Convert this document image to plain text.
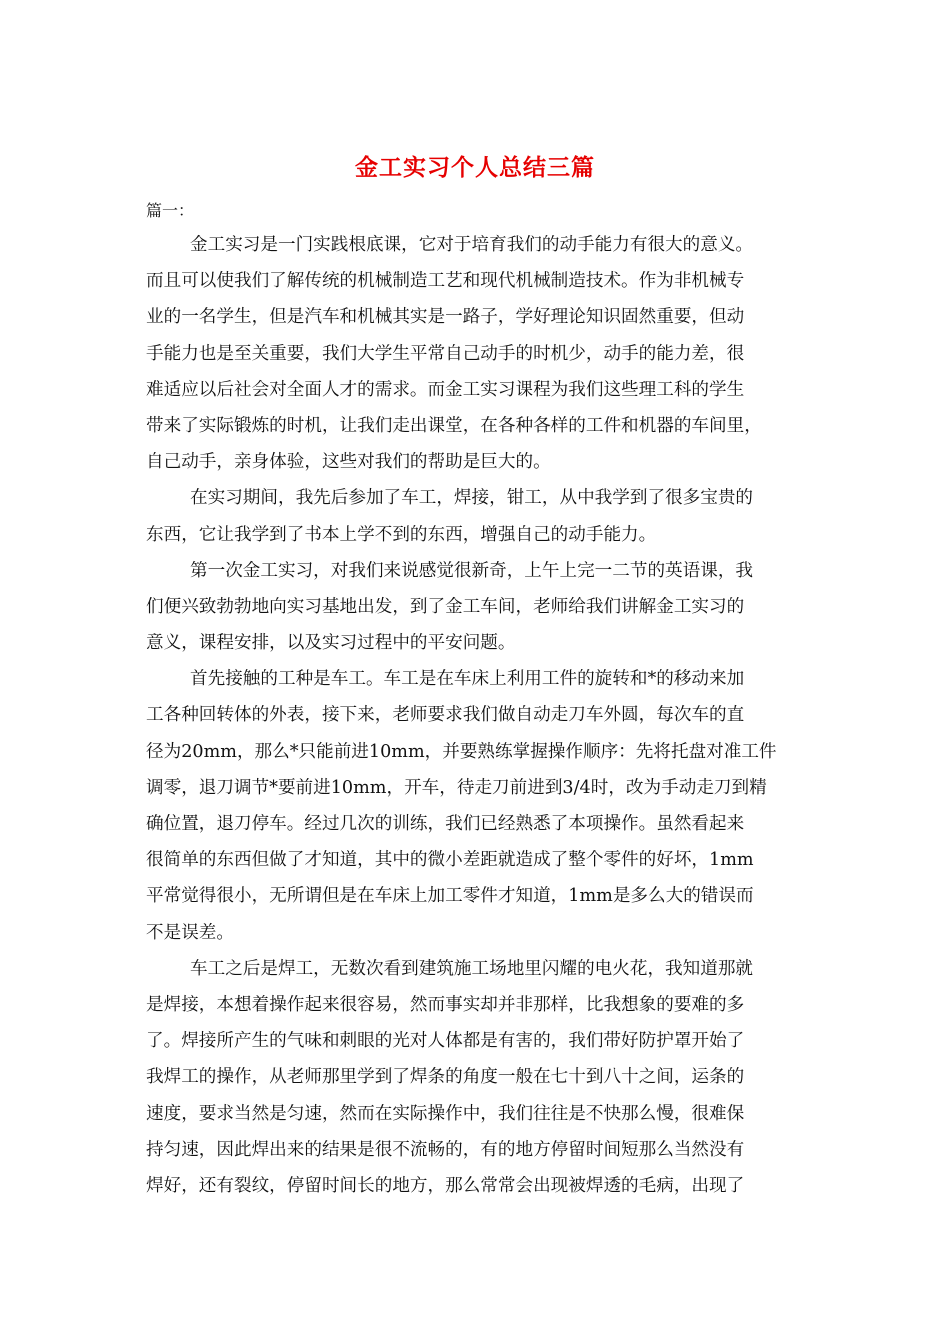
金工实习个人总结三篇
篇一：
金工实习是一门实践根底课，它对于培育我们的动手能力有很大的意义。
而且可以使我们了解传统的机械制造工艺和现代机械制造技术。作为非机械专
业的一名学生，但是汽车和机械其实是一路子，学好理论知识固然重要，但动
手能力也是至关重要，我们大学生平常自己动手的时机少，动手的能力差，很
难适应以后社会对全面人才的需求。而金工实习课程为我们这些理工科的学生
带来了实际锻炼的时机，让我们走出课堂，在各种各样的工件和机器的车间里，
自己动手，亲身体验，这些对我们的帮助是巨大的。
在实习期间，我先后参加了车工，焊接，钳工，从中我学到了很多宝贵的
东西，它让我学到了书本上学不到的东西，增强自己的动手能力。
第一次金工实习，对我们来说感觉很新奇，上午上完一二节的英语课，我
们便兴致勃勃地向实习基地出发，到了金工车间，老师给我们讲解金工实习的
意义，课程安排，以及实习过程中的平安问题。
首先接触的工种是车工。车工是在车床上利用工件的旋转和*的移动来加
工各种回转体的外表，接下来，老师要求我们做自动走刀车外圆，每次车的直
径为20mm，那么*只能前进10mm，并要熟练掌握操作顺序：先将托盘对准工件
调零，退刀调节*要前进10mm，开车，待走刀前进到3/4时，改为手动走刀到精
确位置，退刀停车。经过几次的训练，我们已经熟悉了本项操作。虽然看起来
很简单的东西但做了才知道，其中的微小差距就造成了整个零件的好坏，1mm
平常觉得很小，无所谓但是在车床上加工零件才知道，1mm是多么大的错误而
不是误差。
车工之后是焊工，无数次看到建筑施工场地里闪耀的电火花，我知道那就
是焊接，本想着操作起来很容易，然而事实却并非那样，比我想象的要难的多
了。焊接所产生的气味和刺眼的光对人体都是有害的，我们带好防护罩开始了
我焊工的操作，从老师那里学到了焊条的角度一般在七十到八十之间，运条的
速度，要求当然是匀速，然而在实际操作中，我们往往是不快那么慢，很难保
持匀速，因此焊出来的结果是很不流畅的，有的地方停留时间短那么当然没有
焊好，还有裂纹，停留时间长的地方，那么常常会出现被焊透的毛病，出现了
